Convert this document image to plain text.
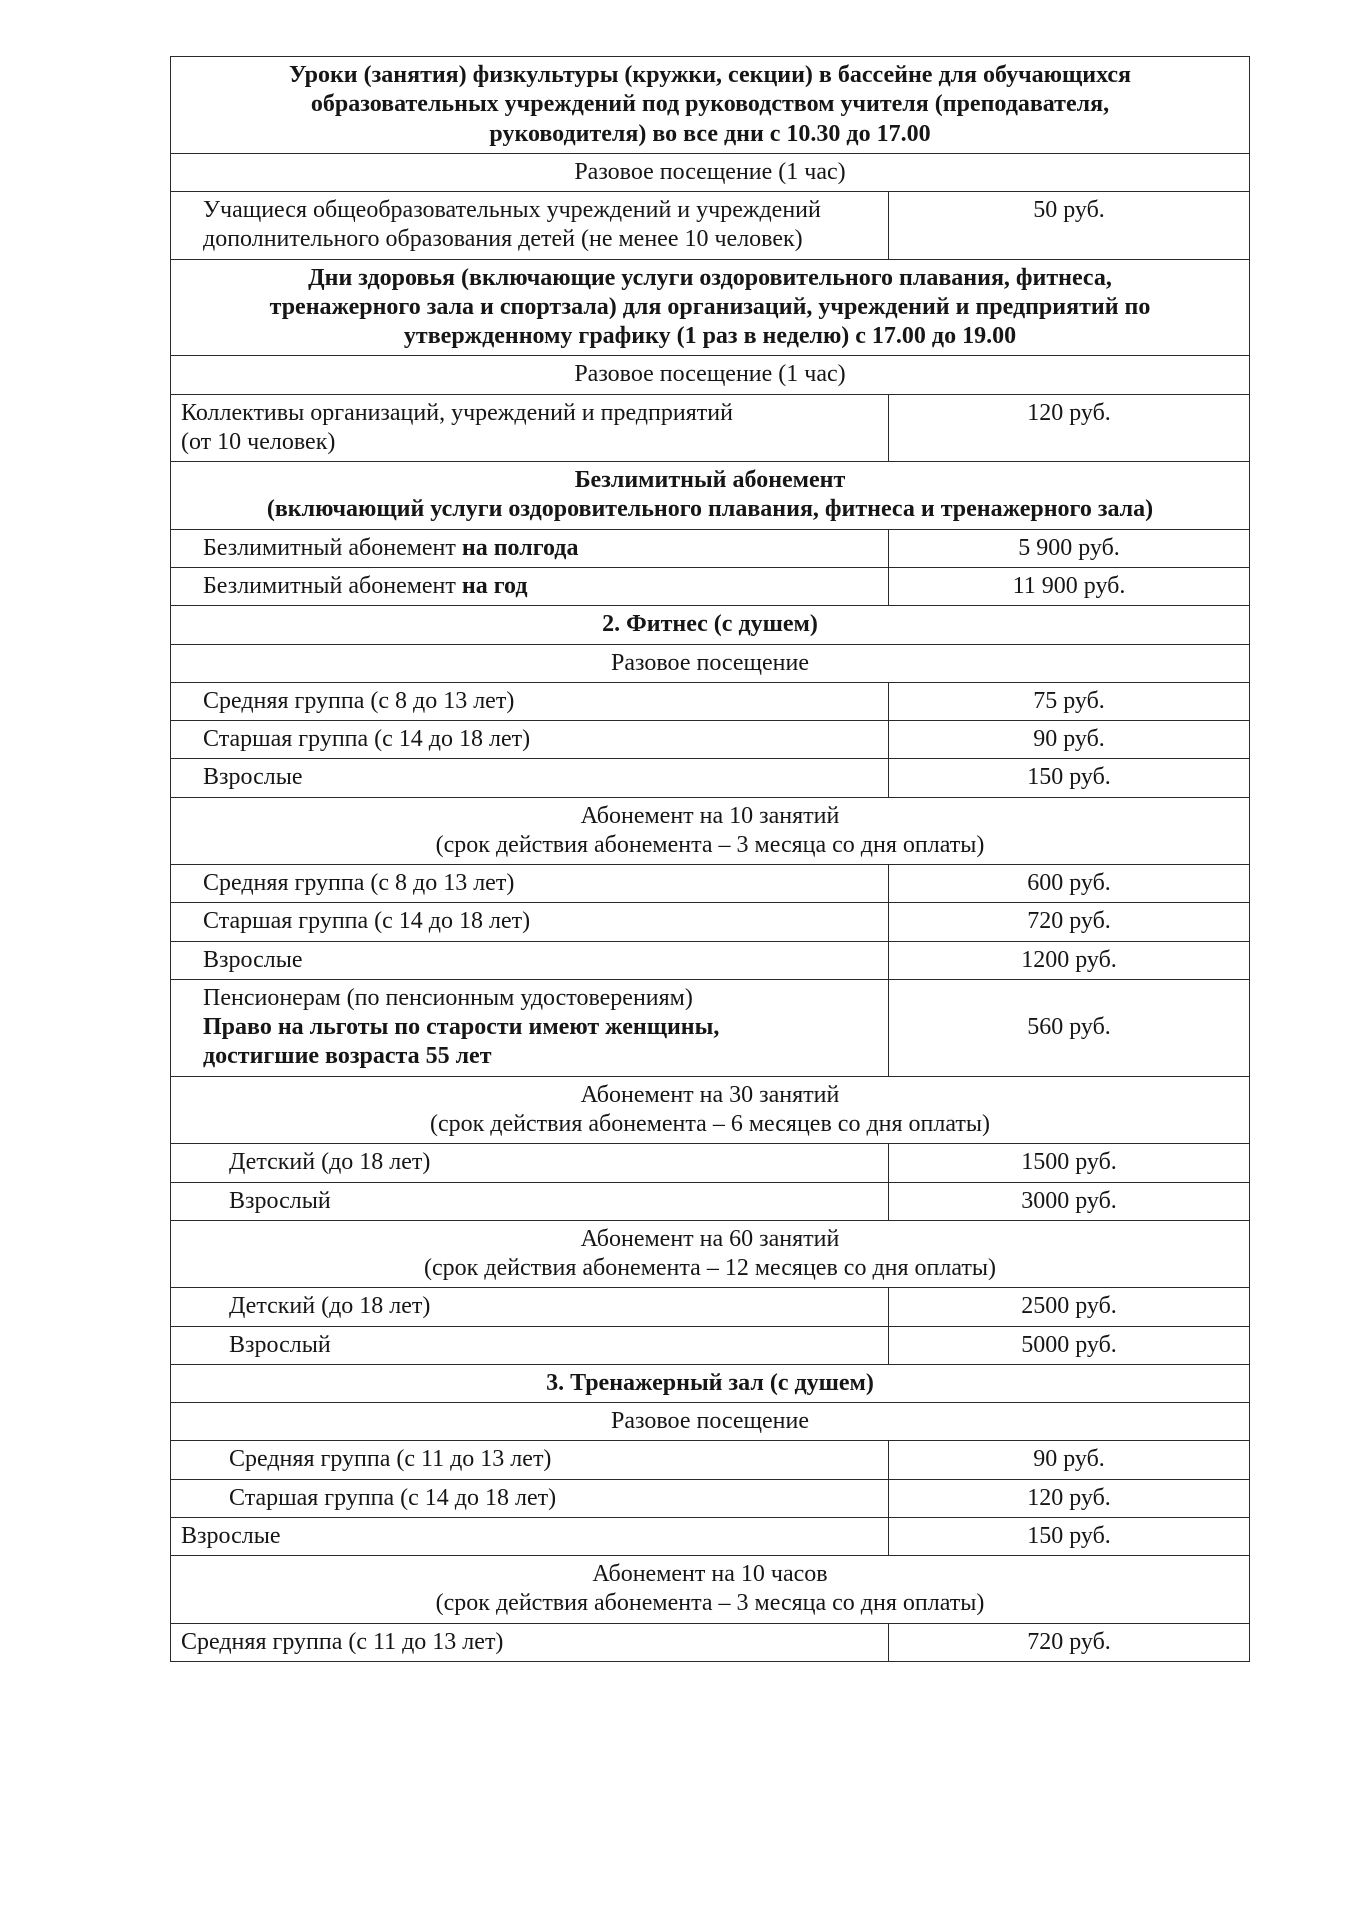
Уроки (занятия) физкультуры (кружки, секции) в бассейне для обучающихся
образовательных учреждений под руководством учителя (преподавателя,
руководителя) во все дни с 10.30 до 17.00	

Разовое посещение (1 час)	

Учащиеся общеобразовательных учреждений и учреждений
дополнительного образования детей (не менее 10 человек)	50 руб.

Дни здоровья (включающие услуги оздоровительного плавания, фитнеса,
тренажерного зала и спортзала) для организаций, учреждений и предприятий по
утвержденному графику (1 раз в неделю) с 17.00 до 19.00	

Разовое посещение (1 час)	

Коллективы организаций, учреждений и предприятий
(от 10 человек)	120 руб.

Безлимитный абонемент
(включающий услуги оздоровительного плавания, фитнеса и тренажерного зала)	

Безлимитный абонемент на полгода	5 900 руб.
Безлимитный абонемент на год	11 900 руб.
2. Фитнес (с душем)	
Разовое посещение	
Средняя группа (с 8 до 13 лет)	75 руб.
Старшая группа (с 14 до 18 лет)	90 руб.
Взрослые	150 руб.

Абонемент на 10 занятий
(срок действия абонемента – 3 месяца со дня оплаты)	

Средняя группа (с 8 до 13 лет)	600 руб.
Старшая группа (с 14 до 18 лет)	720 руб.
Взрослые	1200 руб.

Пенсионерам (по пенсионным удостоверениям)
Право на льготы по старости имеют женщины,
достигшие возраста 55 лет	560 руб.

Абонемент на 30 занятий
(срок действия абонемента – 6 месяцев со дня оплаты)	

Детский (до 18 лет)	1500 руб.
Взрослый	3000 руб.

Абонемент на 60 занятий
(срок действия абонемента – 12 месяцев со дня оплаты)	

Детский (до 18 лет)	2500 руб.
Взрослый	5000 руб.
3. Тренажерный зал (с душем)	
Разовое посещение	
Средняя группа (с 11 до 13 лет)	90 руб.
Старшая группа (с 14 до 18 лет)	120 руб.
Взрослые	150 руб.

Абонемент на 10 часов
(срок действия абонемента – 3 месяца со дня оплаты)	

Средняя группа (с 11 до 13 лет)	720 руб.
